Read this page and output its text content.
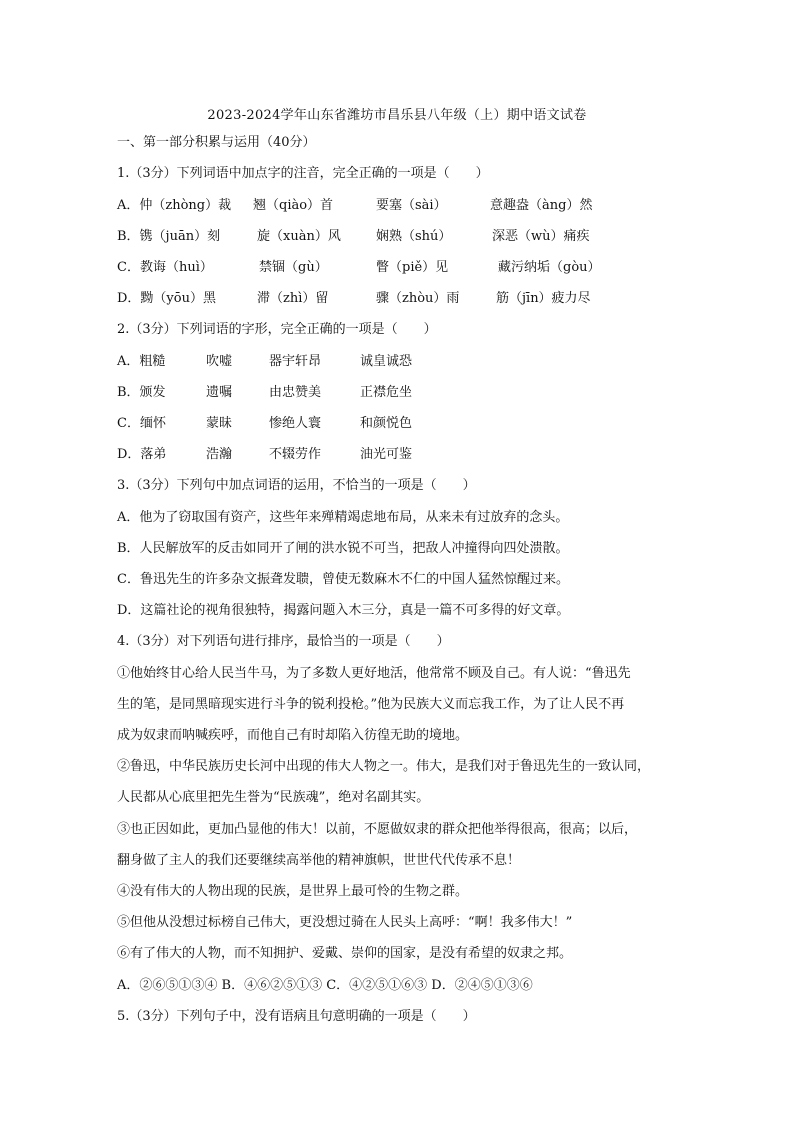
2023-2024学年山东省潍坊市昌乐县八年级（上）期中语文试卷
一、第一部分积累与运用（40分）
1.（3分）下列词语中加点字的注音，完全正确的一项是（　　）
A．仲（zhòng）裁 翘（qiào）首	要塞（sài）	意趣盎（àng）然
B．镌（juān）刻	旋（xuàn）风	娴熟（shú）	深恶（wù）痛疾
C．教诲（huì）	禁锢（gù）	瞥（piě）见	藏污纳垢（gòu）
D．黝（yōu）黑	滞（zhì）留	骤（zhòu）雨	筋（jīn）疲力尽
2.（3分）下列词语的字形，完全正确的一项是（　　）
A．粗糙	吹嘘	器宇轩昂	诚皇诚恐
B．颁发	遗嘱	由忠赞美	正襟危坐
C．缅怀	蒙昧	惨绝人寰	和颜悦色
D．落弟	浩瀚	不辍劳作	油光可鉴
3.（3分）下列句中加点词语的运用，不恰当的一项是（　　）
A．他为了窃取国有资产，这些年来殚精竭虑地布局，从来未有过放弃的念头。
B．人民解放军的反击如同开了闸的洪水锐不可当，把敌人冲撞得向四处溃散。
C．鲁迅先生的许多杂文振聋发聩，曾使无数麻木不仁的中国人猛然惊醒过来。
D．这篇社论的视角很独特，揭露问题入木三分，真是一篇不可多得的好文章。
4.（3分）对下列语句进行排序，最恰当的一项是（　　）
①他始终甘心给人民当牛马，为了多数人更好地活，他常常不顾及自己。有人说：“鲁迅先
生的笔，是同黑暗现实进行斗争的锐利投枪。”他为民族大义而忘我工作，为了让人民不再
成为奴隶而呐喊疾呼，而他自己有时却陷入彷徨无助的境地。
②鲁迅，中华民族历史长河中出现的伟大人物之一。伟大，是我们对于鲁迅先生的一致认同，
人民都从心底里把先生誉为“民族魂”，绝对名副其实。
③也正因如此，更加凸显他的伟大！以前，不愿做奴隶的群众把他举得很高，很高；以后，
翻身做了主人的我们还要继续高举他的精神旗帜，世世代代传承不息！
④没有伟大的人物出现的民族，是世界上最可怜的生物之群。
⑤但他从没想过标榜自己伟大，更没想过骑在人民头上高呼：“啊！我多伟大！”
⑥有了伟大的人物，而不知拥护、爱戴、崇仰的国家，是没有希望的奴隶之邦。
A．②⑥⑤①③④ B．④⑥②⑤①③ C．④②⑤①⑥③ D．②④⑤①③⑥
5.（3分）下列句子中，没有语病且句意明确的一项是（　　）
